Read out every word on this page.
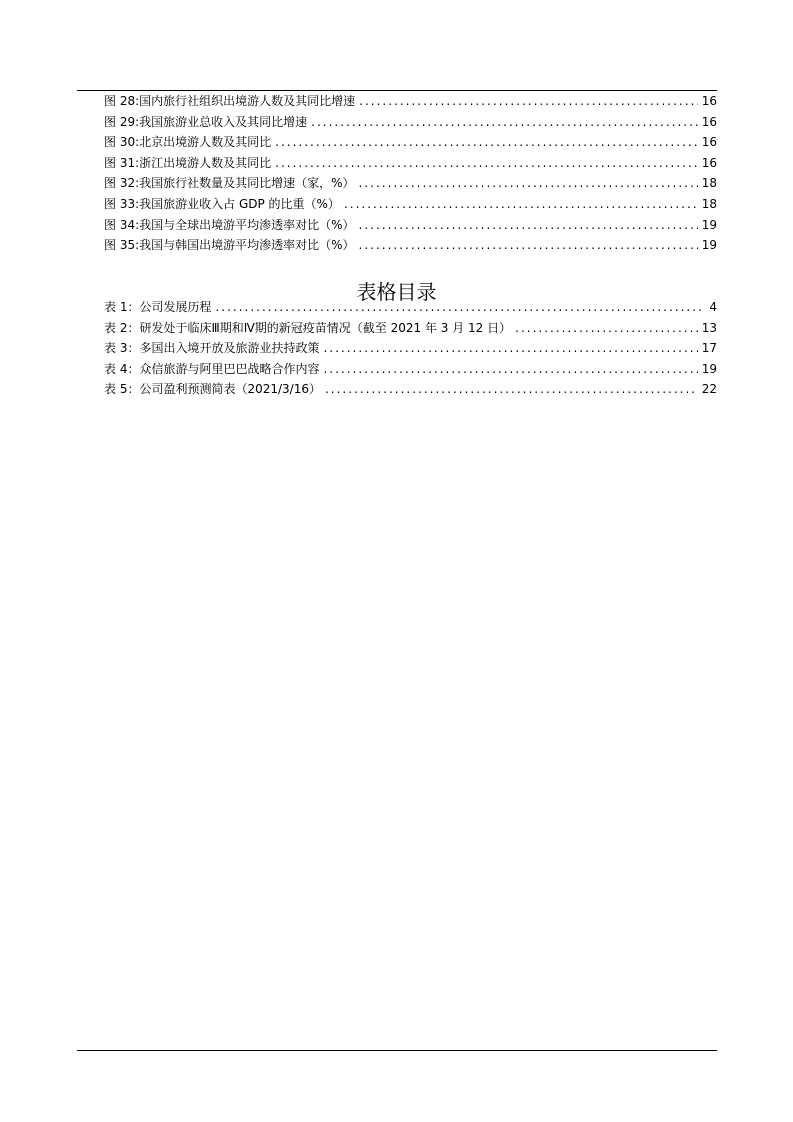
图 28:国内旅行社组织出境游人数及其同比增速 .....	16
图 29:我国旅游业总收入及其同比增速 .....	16
图 30:北京出境游人数及其同比 .....	16
图 31:浙江出境游人数及其同比 .....	16
图 32:我国旅行社数量及其同比增速（家，%） .....	18
图 33:我国旅游业收入占 GDP 的比重（%） .....	18
图 34:我国与全球出境游平均渗透率对比（%） .....	19
图 35:我国与韩国出境游平均渗透率对比（%） .....	19
表格目录
表 1：公司发展历程 .....	4
表 2：研发处于临床Ⅲ期和Ⅳ期的新冠疫苗情况（截至 2021 年 3 月 12 日） .....	13
表 3：多国出入境开放及旅游业扶持政策 .....	17
表 4：众信旅游与阿里巴巴战略合作内容 .....	19
表 5：公司盈利预测简表（2021/3/16） .....	22
